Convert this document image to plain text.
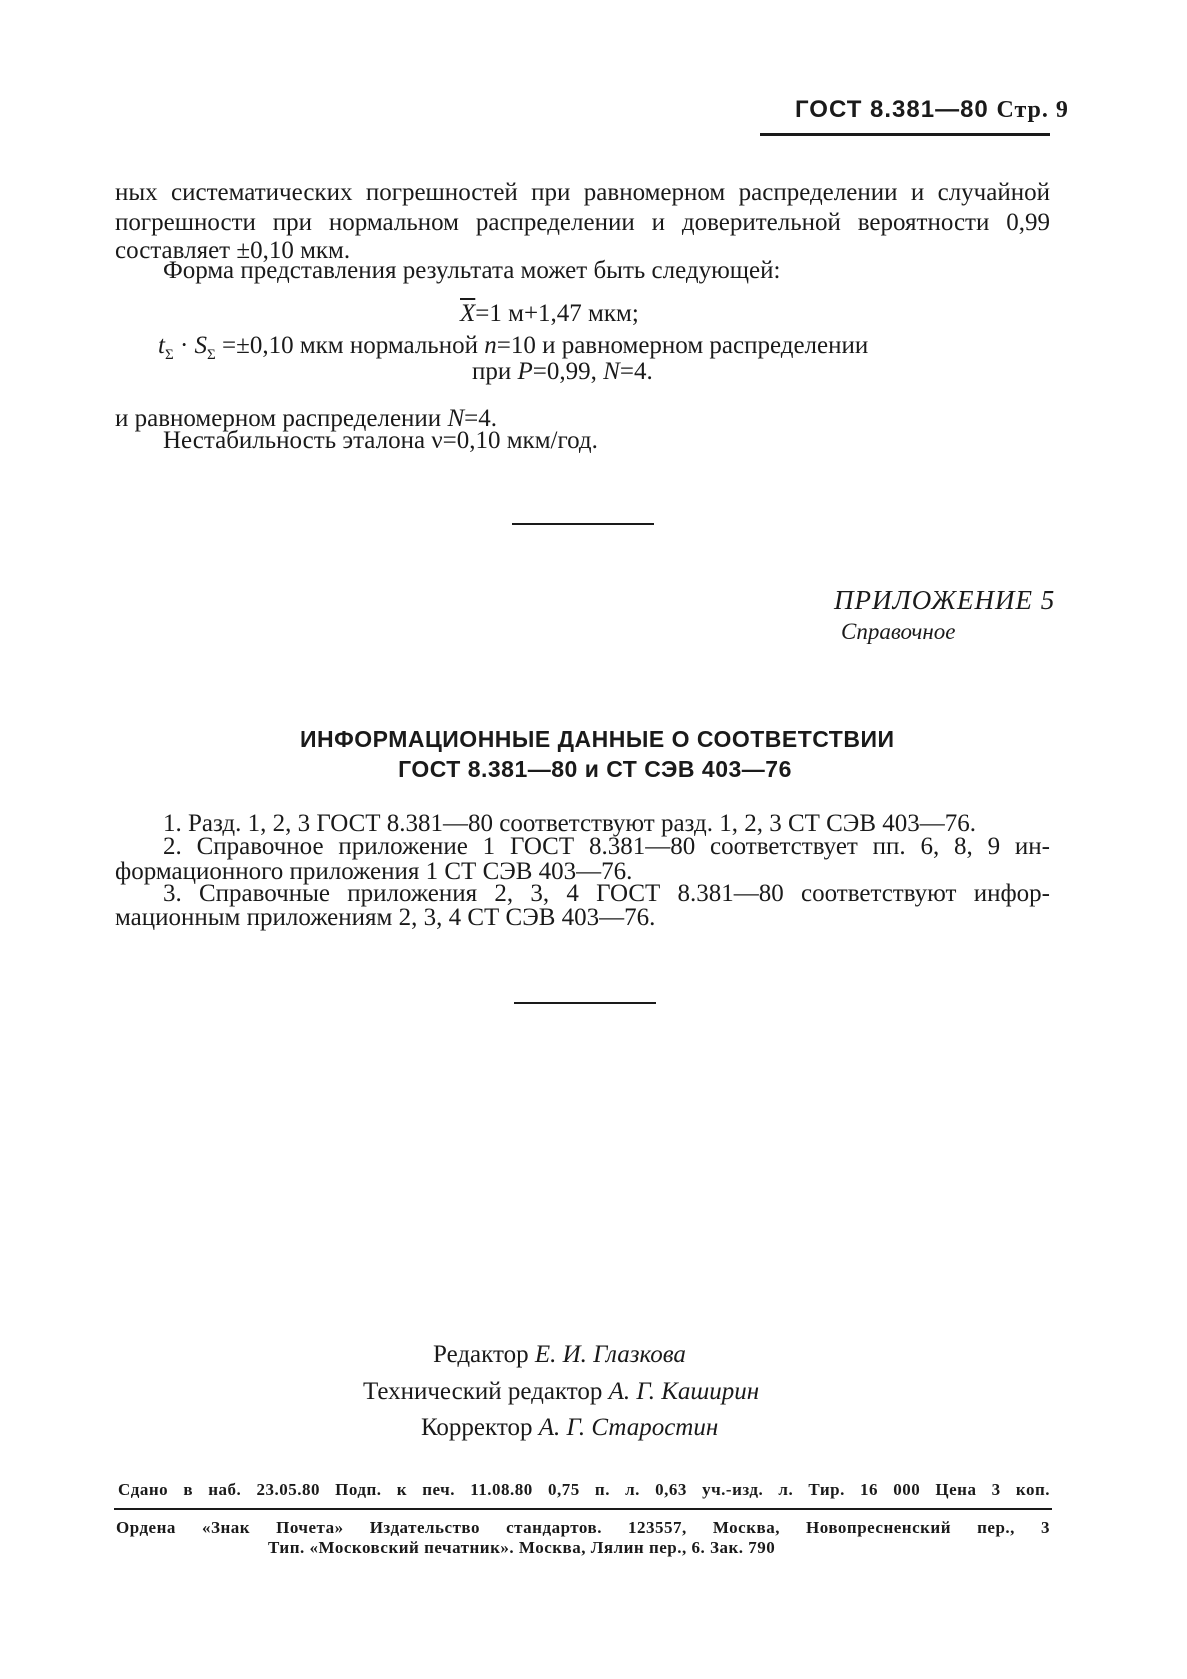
ГОСТ 8.381—80 Стр. 9
ных систематических погрешностей при равномерном распределении и случайной
погрешности при нормальном распределении и доверительной вероятности 0,99
составляет ±0,10 мкм.
Форма представления результата может быть следующей:
$\overline{X}=1$ м+1,47 мкм;
$t_\Sigma \cdot S_\Sigma =\pm 0,10$ мкм нормальной n=10 и равномерном распределении
при P=0,99, N=4.
и равномерном распределении N=4.
Нестабильность эталона ν=0,10 мкм/год.
ПРИЛОЖЕНИЕ 5
Справочное
ИНФОРМАЦИОННЫЕ ДАННЫЕ О СООТВЕТСТВИИ
ГОСТ 8.381—80 и СТ СЭВ 403—76
1. Разд. 1, 2, 3 ГОСТ 8.381—80 соответствуют разд. 1, 2, 3 СТ СЭВ 403—76.
2. Справочное приложение 1 ГОСТ 8.381—80 соответствует пп. 6, 8, 9 ин-
формационного приложения 1 СТ СЭВ 403—76.
3. Справочные приложения 2, 3, 4 ГОСТ 8.381—80 соответствуют инфор-
мационным приложениям 2, 3, 4 СТ СЭВ 403—76.
Редактор Е. И. Глазкова
Технический редактор А. Г. Каширин
Корректор А. Г. Старостин
Сдано в наб. 23.05.80 Подп. к печ. 11.08.80 0,75 п. л. 0,63 уч.-изд. л. Тир. 16 000 Цена 3 коп.
Ордена «Знак Почета» Издательство стандартов. 123557, Москва, Новопресненский пер., 3
Тип. «Московский печатник». Москва, Лялин пер., 6. Зак. 790
